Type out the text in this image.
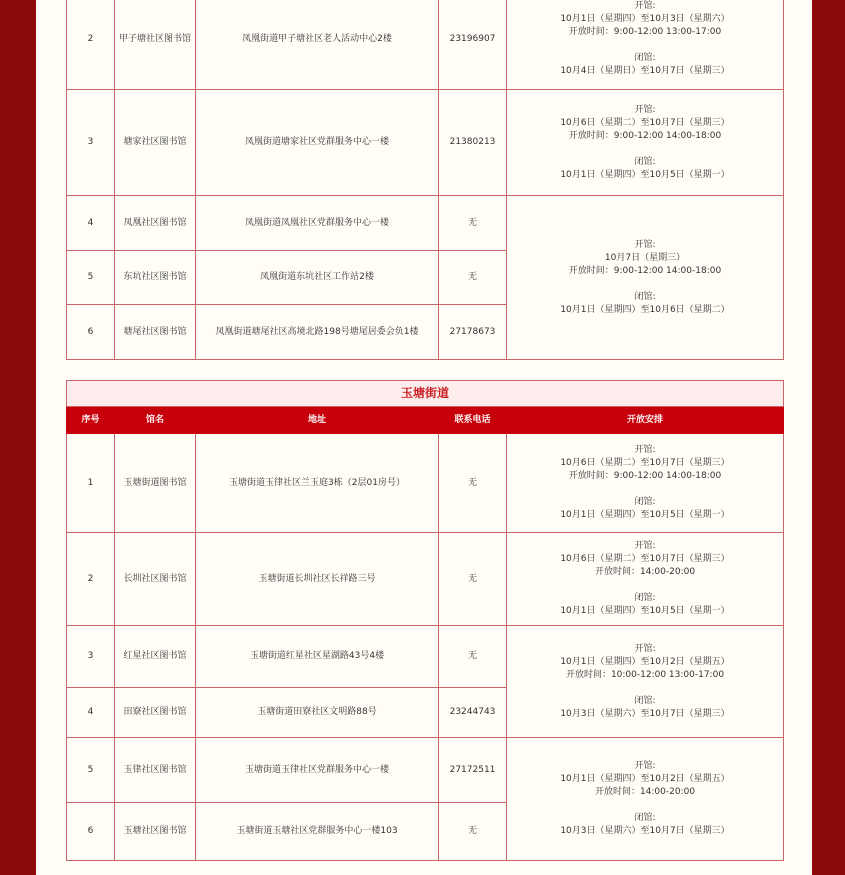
2	甲子塘社区图书馆	凤凰街道甲子塘社区老人活动中心2楼	23196907	开馆:
10月1日（星期四）至10月3日（星期六）
开放时间：9:00-12:00 13:00-17:00
闭馆:
10月4日（星期日）至10月7日（星期三）

3	塘家社区图书馆	凤凰街道塘家社区党群服务中心一楼	21380213	开馆:
10月6日（星期二）至10月7日（星期三）
开放时间：9:00-12:00 14:00-18:00
闭馆:
10月1日（星期四）至10月5日（星期一）

4	凤凰社区图书馆	凤凰街道凤凰社区党群服务中心一楼	无	开馆:
10月7日（星期三）
开放时间：9:00-12:00 14:00-18:00
闭馆:
10月1日（星期四）至10月6日（星期二）

5	东坑社区图书馆	凤凰街道东坑社区工作站2楼	无	
6	塘尾社区图书馆	凤凰街道塘尾社区高境北路198号塘尾居委会负1楼	27178673	
玉塘街道				
序号	馆名	地址	联系电话	开放安排
1	玉塘街道图书馆	玉塘街道玉律社区兰玉庭3栋（2层01房号）	无	开馆:
10月6日（星期二）至10月7日（星期三）
开放时间：9:00-12:00 14:00-18:00
闭馆:
10月1日（星期四）至10月5日（星期一）

2	长圳社区图书馆	玉塘街道长圳社区长祥路三号	无	开馆:
10月6日（星期二）至10月7日（星期三）
开放时间：14:00-20:00
闭馆:
10月1日（星期四）至10月5日（星期一）

3	红星社区图书馆	玉塘街道红星社区星湖路43号4楼	无	开馆:
10月1日（星期四）至10月2日（星期五）
开放时间：10:00-12:00 13:00-17:00
闭馆:
10月3日（星期六）至10月7日（星期三）

4	田寮社区图书馆	玉塘街道田寮社区文明路88号	23244743	
5	玉律社区图书馆	玉塘街道玉律社区党群服务中心一楼	27172511	开馆:
10月1日（星期四）至10月2日（星期五）
开放时间：14:00-20:00
闭馆:
10月3日（星期六）至10月7日（星期三）

6	玉塘社区图书馆	玉塘街道玉塘社区党群服务中心一楼103	无	
